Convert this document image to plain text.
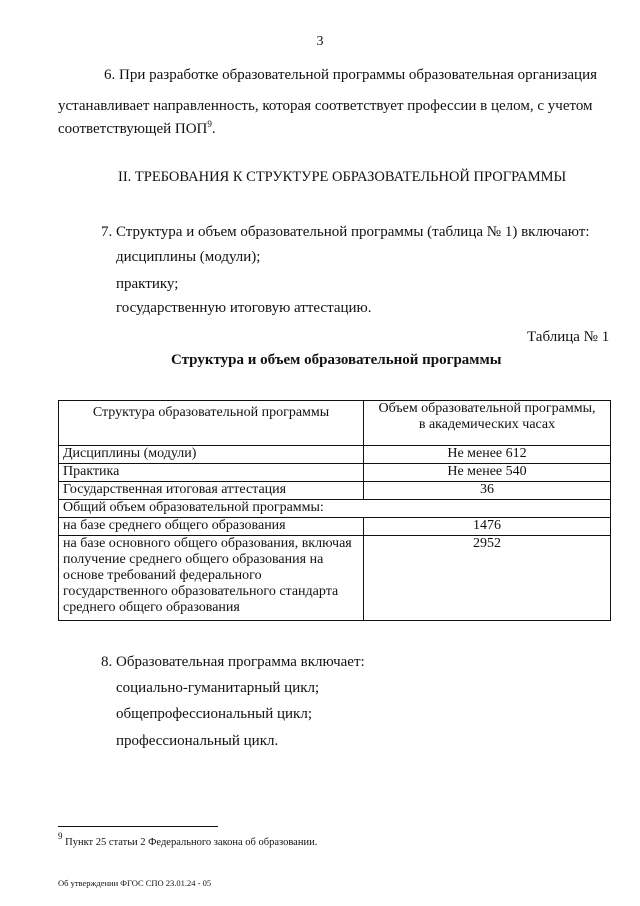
3
6. При разработке образовательной программы образовательная организация
устанавливает направленность, которая соответствует профессии в целом, с учетом
соответствующей ПОП$^9$.
II. ТРЕБОВАНИЯ К СТРУКТУРЕ ОБРАЗОВАТЕЛЬНОЙ ПРОГРАММЫ
7. Структура и объем образовательной программы (таблица № 1) включают:
дисциплины (модули);
практику;
государственную итоговую аттестацию.
Таблица № 1
Структура и объем образовательной программы
Структура образовательной программы	Объем образовательной программы,
в академических часах

Дисциплины (модули)	Не менее 612
Практика	Не менее 540
Государственная итоговая аттестация	36
Общий объем образовательной программы:	
на базе среднего общего образования	1476

на базе основного общего образования, включая
получение среднего общего образования на
основе требований федерального
государственного образовательного стандарта
среднего общего образования	2952
8. Образовательная программа включает:
социально-гуманитарный цикл;
общепрофессиональный цикл;
профессиональный цикл.
$^9$ Пункт 25 статьи 2 Федерального закона об образовании.
Об утверждении ФГОС СПО 23.01.24 - 05
